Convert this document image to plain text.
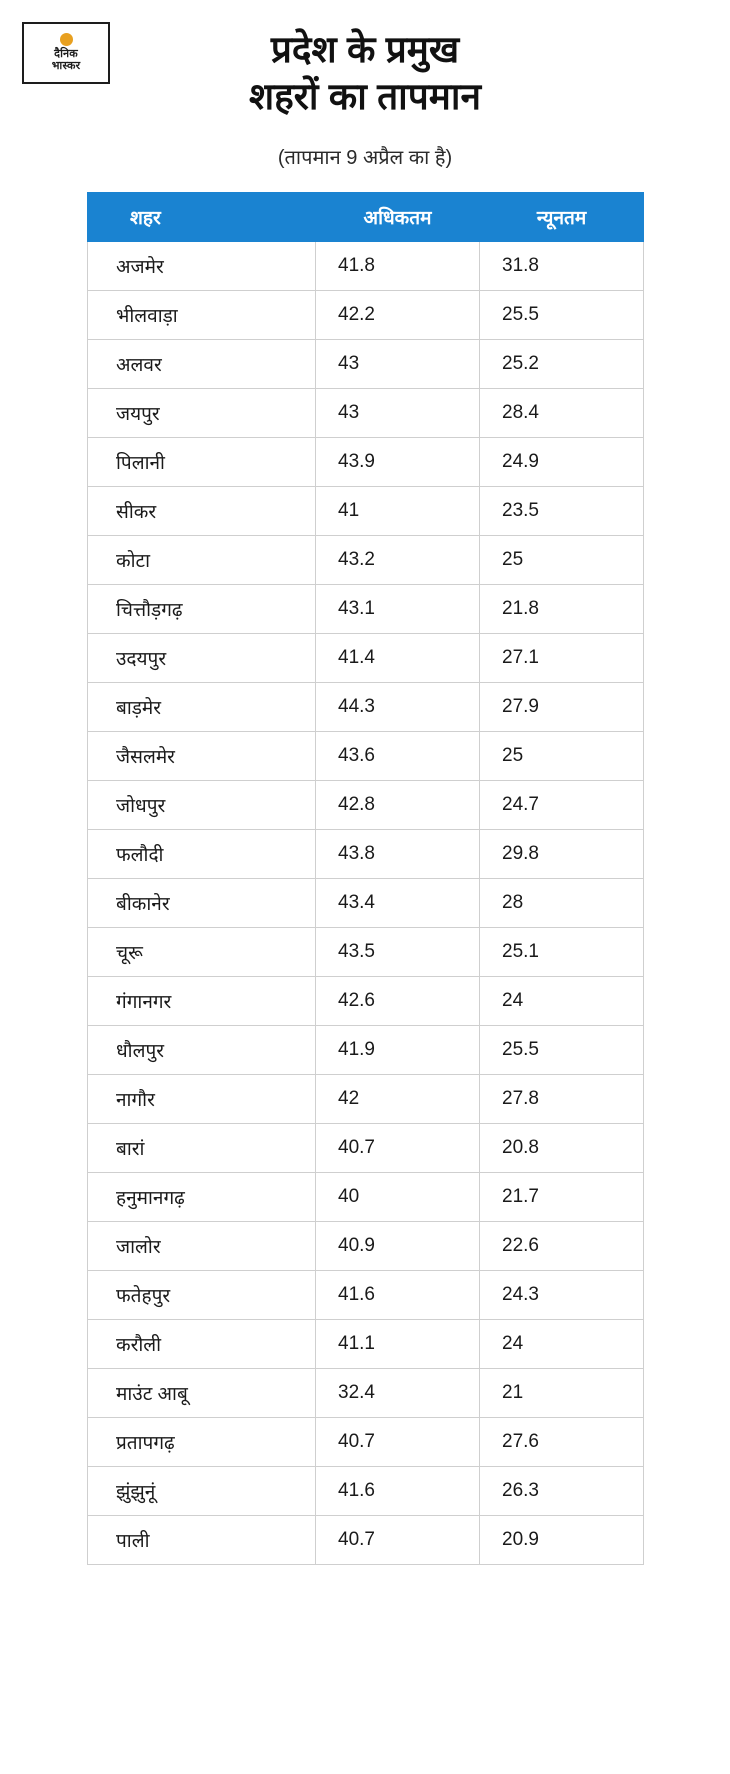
दैनिक
भास्कर	प्रदेश के प्रमुख
शहरों का तापमान
(तापमान 9 अप्रैल का है)
शहर	अधिकतम	न्यूनतम
अजमेर	41.8	31.8
भीलवाड़ा	42.2	25.5
अलवर	43	25.2
जयपुर	43	28.4
पिलानी	43.9	24.9
सीकर	41	23.5
कोटा	43.2	25
चित्तौड़गढ़	43.1	21.8
उदयपुर	41.4	27.1
बाड़मेर	44.3	27.9
जैसलमेर	43.6	25
जोधपुर	42.8	24.7
फलौदी	43.8	29.8
बीकानेर	43.4	28
चूरू	43.5	25.1
गंगानगर	42.6	24
धौलपुर	41.9	25.5
नागौर	42	27.8
बारां	40.7	20.8
हनुमानगढ़	40	21.7
जालोर	40.9	22.6
फतेहपुर	41.6	24.3
करौली	41.1	24
माउंट आबू	32.4	21
प्रतापगढ़	40.7	27.6
झुंझुनूं	41.6	26.3
पाली	40.7	20.9
